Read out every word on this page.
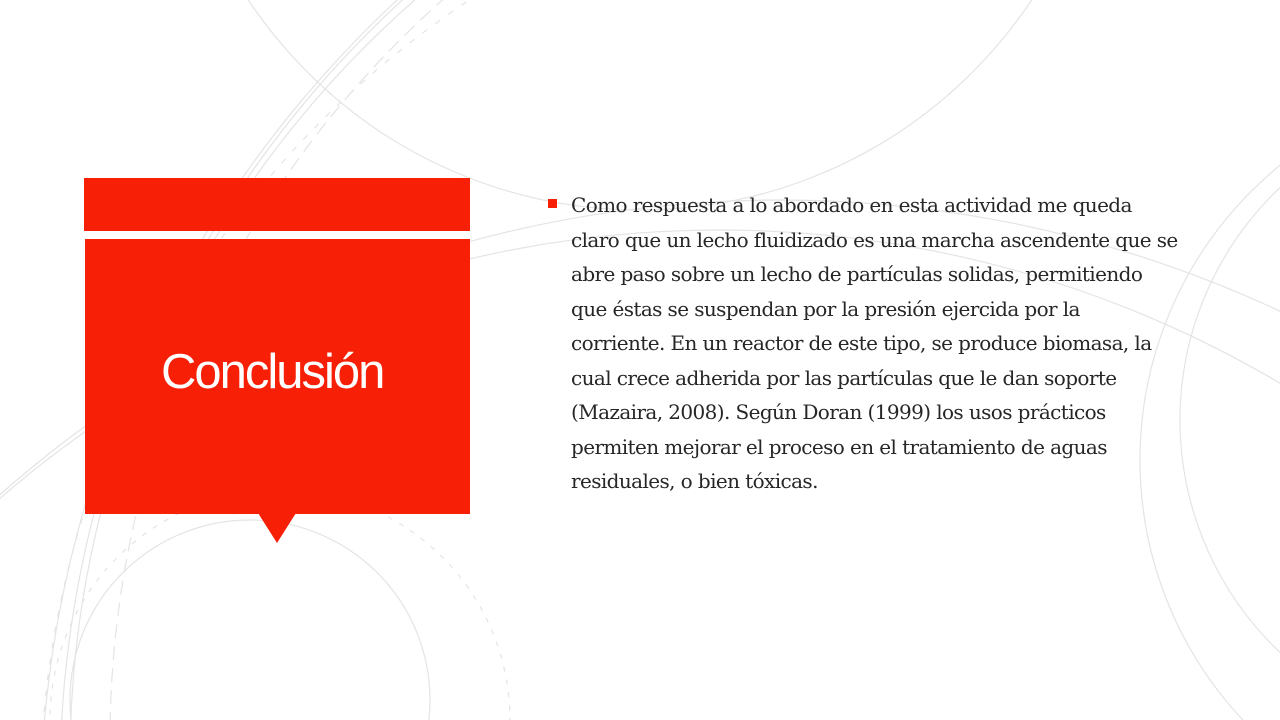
Conclusión

Como respuesta a lo abordado en esta actividad me queda claro que un lecho fluidizado es una marcha ascendente que se abre paso sobre un lecho de partículas solidas, permitiendo que éstas se suspendan por la presión ejercida por la corriente. En un reactor de este tipo, se produce biomasa, la cual crece adherida por las partículas que le dan soporte (Mazaira, 2008). Según Doran (1999) los usos prácticos permiten mejorar el proceso en el tratamiento de aguas residuales, o bien tóxicas.
